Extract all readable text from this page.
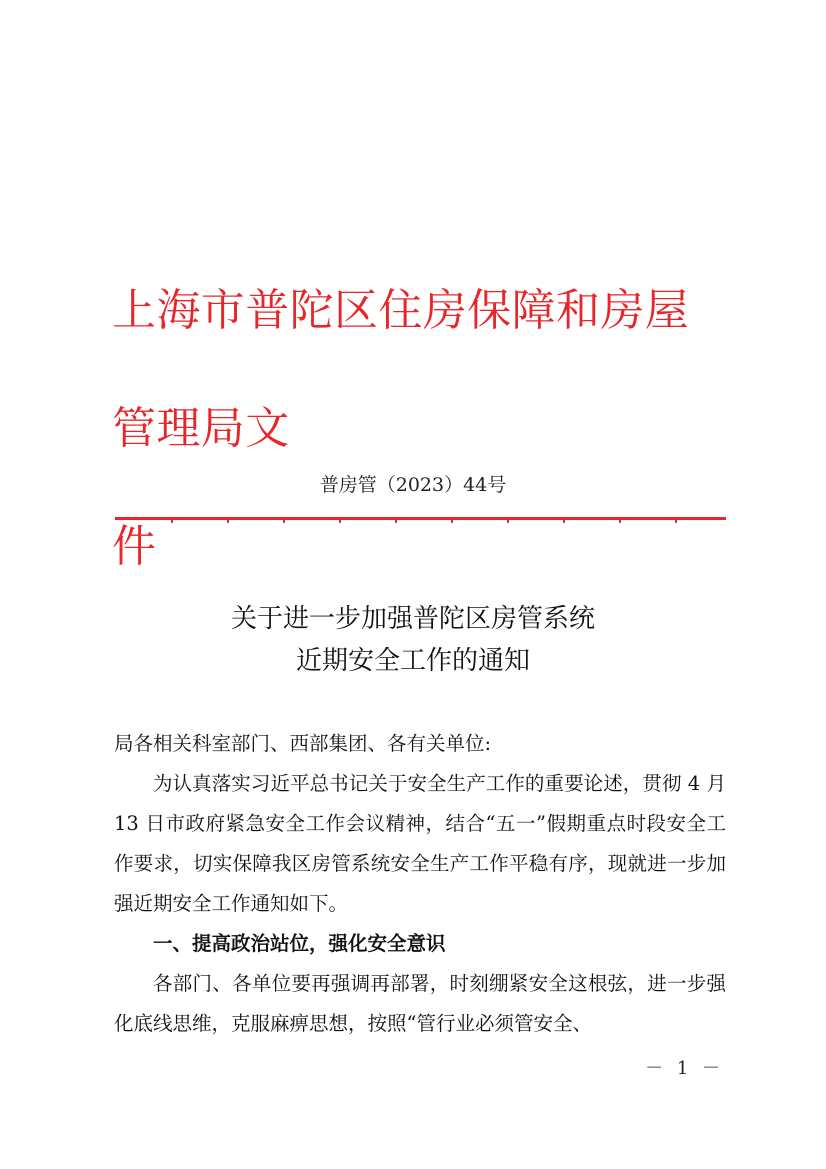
上海市普陀区住房保障和房屋管理局文
件
普房管（2023）44号
关于进一步加强普陀区房管系统
近期安全工作的通知

局各相关科室部门、西部集团、各有关单位:

为认真落实习近平总书记关于安全生产工作的重要论述，贯彻 4 月 13 日市政府紧急安全工作会议精神，结合“五一”假期重点时段安全工作要求，切实保障我区房管系统安全生产工作平稳有序，现就进一步加强近期安全工作通知如下。

一、提高政治站位，强化安全意识

各部门、各单位要再强调再部署，时刻绷紧安全这根弦，进一步强化底线思维，克服麻痹思想，按照“管行业必须管安全、

－ 1 －
